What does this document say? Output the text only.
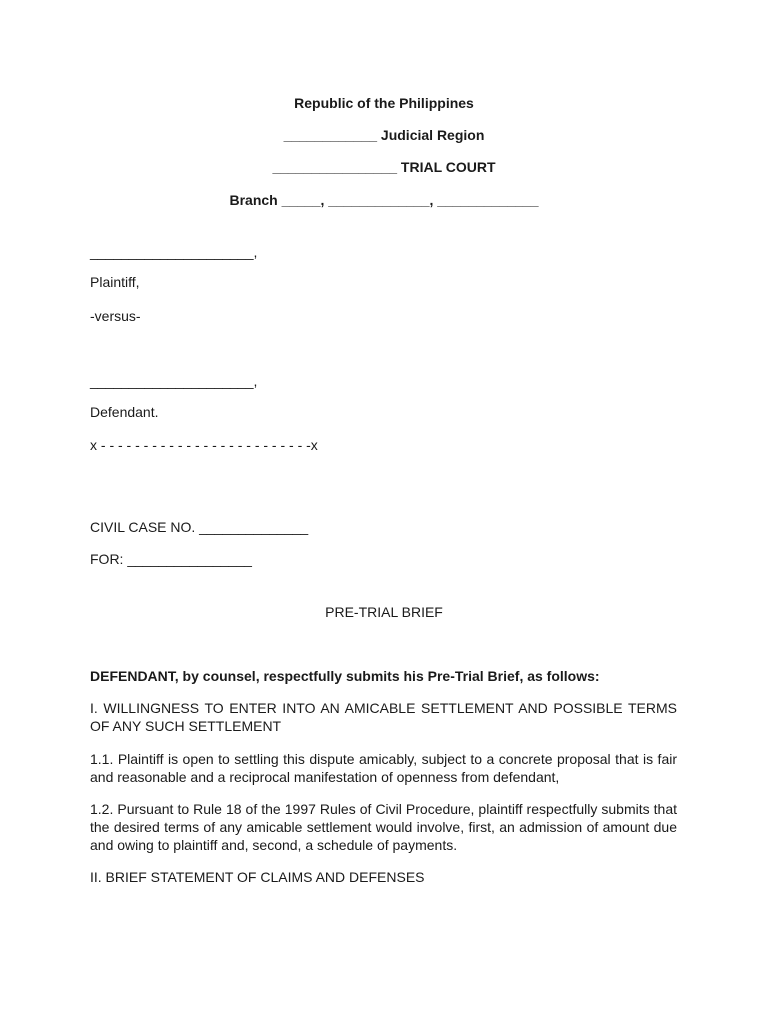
Republic of the Philippines
____________ Judicial Region
________________ TRIAL COURT
Branch _____, _____________, _____________
_____________________,
Plaintiff,
-versus-
_____________________,
Defendant.
x - - - - - - - - - - - - - - - - - - - - - - - - -x
CIVIL CASE NO. ______________
FOR: ________________
PRE-TRIAL BRIEF
DEFENDANT, by counsel, respectfully submits his Pre-Trial Brief, as follows:
I. WILLINGNESS TO ENTER INTO AN AMICABLE SETTLEMENT AND POSSIBLE TERMS OF ANY SUCH SETTLEMENT
1.1. Plaintiff is open to settling this dispute amicably, subject to a concrete proposal that is fair and reasonable and a reciprocal manifestation of openness from defendant,
1.2. Pursuant to Rule 18 of the 1997 Rules of Civil Procedure, plaintiff respectfully submits that the desired terms of any amicable settlement would involve, first, an admission of amount due and owing to plaintiff and, second, a schedule of payments.
II. BRIEF STATEMENT OF CLAIMS AND DEFENSES
